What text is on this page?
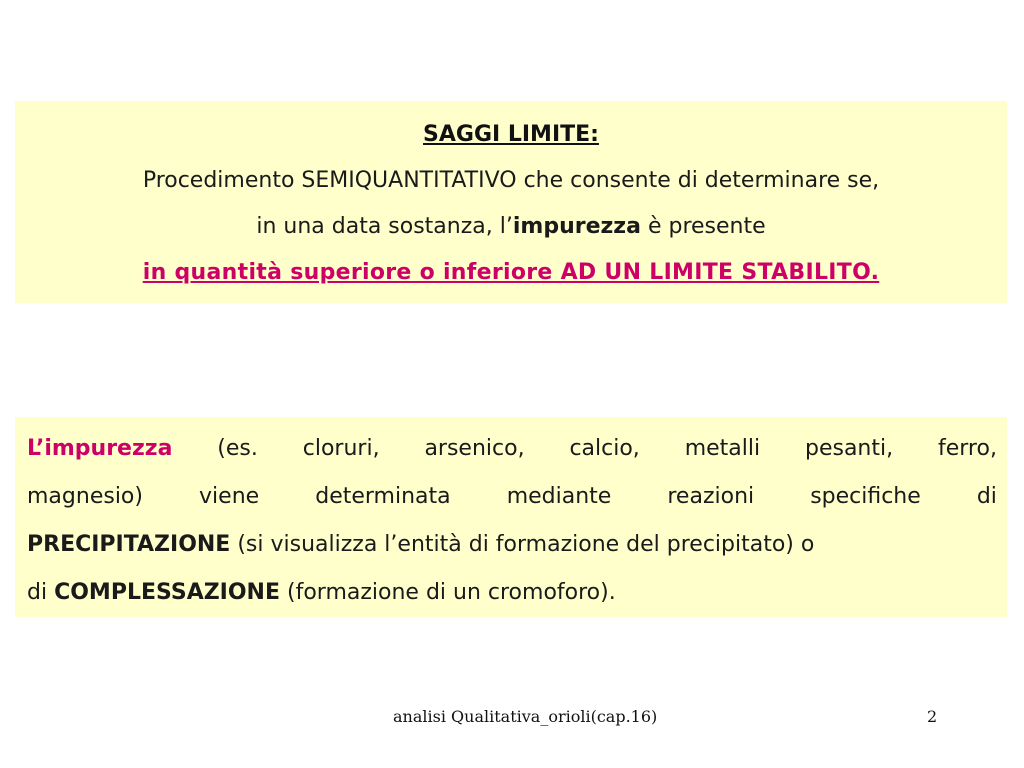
SAGGI LIMITE:
Procedimento SEMIQUANTITATIVO che consente di determinare se,
in una data sostanza, l’impurezza è presente
in quantità superiore o inferiore AD UN LIMITE STABILITO.
L’impurezza (es. cloruri, arsenico, calcio, metalli pesanti, ferro,
magnesio)	viene	determinata	mediante	reazioni	specifiche	di
PRECIPITAZIONE (si visualizza l’entità di formazione del precipitato) o
di COMPLESSAZIONE (formazione di un cromoforo).
analisi Qualitativa_orioli(cap.16)	2
